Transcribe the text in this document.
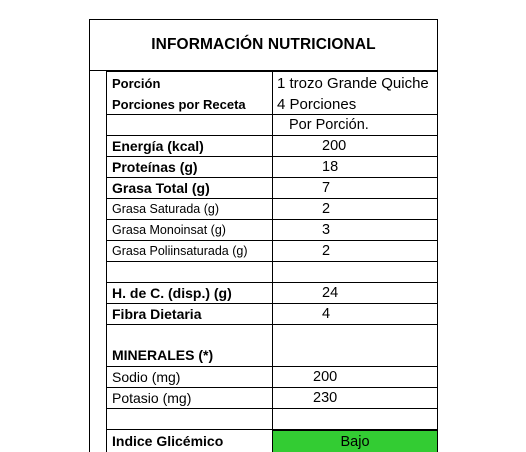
INFORMACIÓN NUTRICIONAL
Porción	1 trozo Grande Quiche
Porciones por Receta	4 Porciones
Por Porción.
Energía (kcal)	200
Proteínas (g)	18
Grasa Total (g)	7
Grasa Saturada (g)	2
Grasa Monoinsat (g)	3
Grasa Poliinsaturada (g)	2
H. de C. (disp.) (g)	24
Fibra Dietaria	4
MINERALES (*)
Sodio (mg)	200
Potasio (mg)	230
Indice Glicémico	Bajo
